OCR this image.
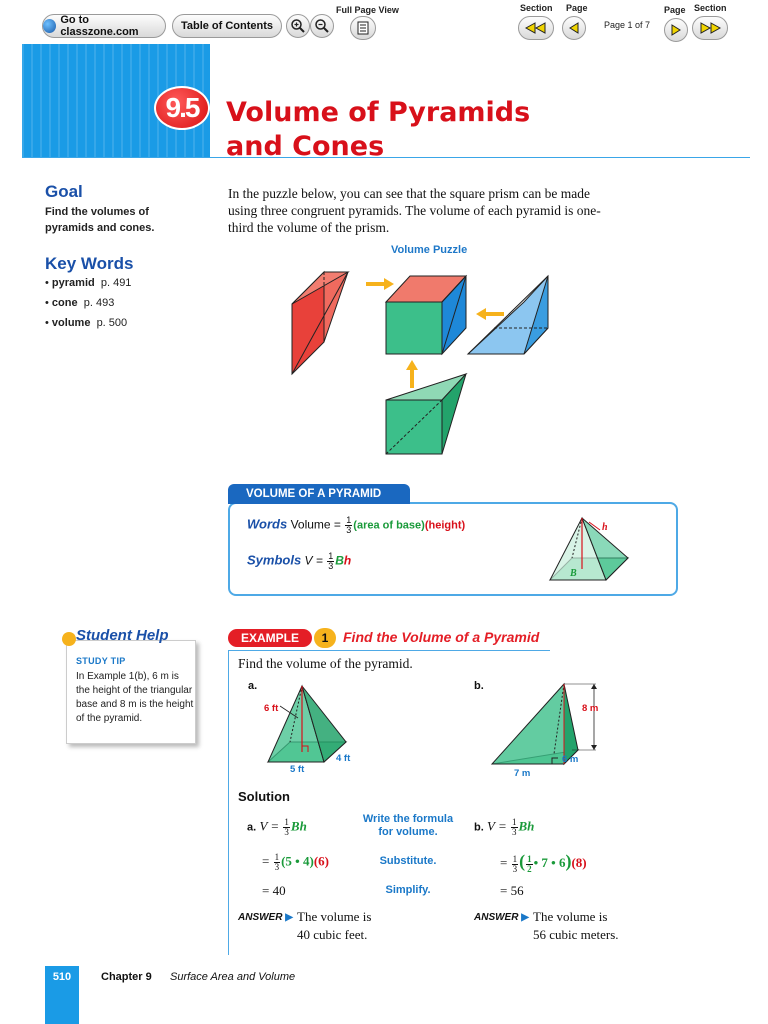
Go to classzone.com	Table of Contents
Full Page View	Section Page
Page 1 of 7
Page Section
9.5	Volume of Pyramids
and Cones
Goal
Find the volumes of
pyramids and cones.
Key Words
• pyramid p. 491
• cone p. 493
• volume p. 500
In the puzzle below, you can see that the square prism can be made
using three congruent pyramids. The volume of each pyramid is one-
third the volume of the prism.
Volume Puzzle
VOLUME OF A PYRAMID
Words Volume = $\frac{1}{3}$ (area of base)(height)
Symbols $V = \frac{1}{3}$ Bh
h
B
Student Help
STUDY TIP
In Example 1(b), 6 m is the height of the triangular base and 8 m is the height of the pyramid.
EXAMPLE	1	Find the Volume of a Pyramid
Find the volume of the pyramid.
a.	b.
6 ft
5 ft
4 ft
8 m
7 m
6 m
Solution
a. $V = \frac{1}{3}$ Bh	Write the formula for volume.
= $\frac{1}{3} (5$ • 4)(6)	Substitute.
= 40	Simplify.
b. $V = \frac{1}{3}$ Bh
= $\frac{1}{3}$ ( $\frac{1}{2}$ • 7 • 6)(8)
= 56
ANSWER ▶ The volume is
40 cubic feet.
ANSWER ▶ The volume is
56 cubic meters.
510	Chapter 9 Surface Area and Volume
